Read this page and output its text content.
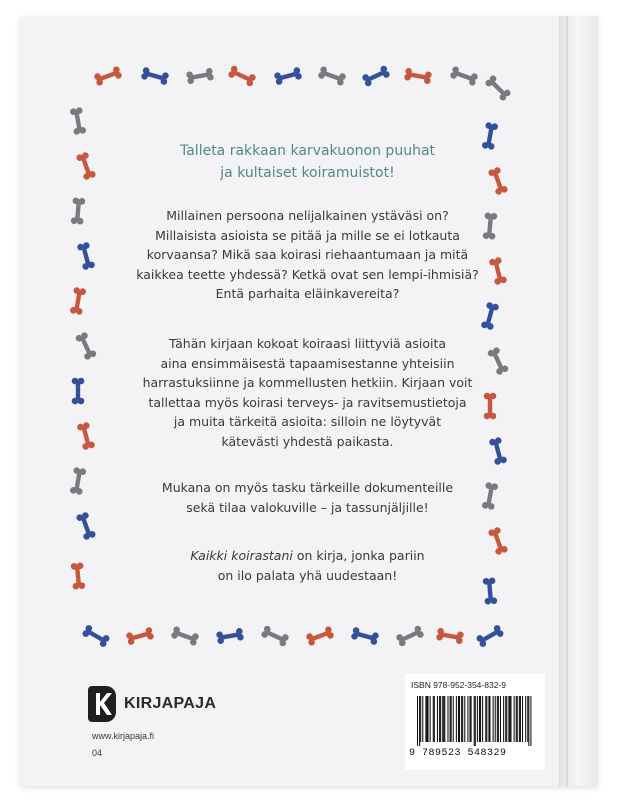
Talleta rakkaan karvakuonon puuhat
ja kultaiset koiramuistot!
Millainen persoona nelijalkainen ystäväsi on?
Millaisista asioista se pitää ja mille se ei lotkauta
korvaansa? Mikä saa koirasi riehaantumaan ja mitä
kaikkea teette yhdessä? Ketkä ovat sen lempi-ihmisiä?
Entä parhaita eläinkavereita?
Tähän kirjaan kokoat koiraasi liittyviä asioita
aina ensimmäisestä tapaamisestanne yhteisiin
harrastuksiinne ja kommellusten hetkiin. Kirjaan voit
tallettaa myös koirasi terveys- ja ravitsemustietoja
ja muita tärkeitä asioita: silloin ne löytyvät
kätevästi yhdestä paikasta.
Mukana on myös tasku tärkeille dokumenteille
sekä tilaa valokuville – ja tassunjäljille!
Kaikki koirastani on kirja, jonka pariin
on ilo palata yhä uudestaan!
KIRJAPAJA
www.kirjapaja.fi
04
ISBN 978-952-354-832-9
9 789523 548329
